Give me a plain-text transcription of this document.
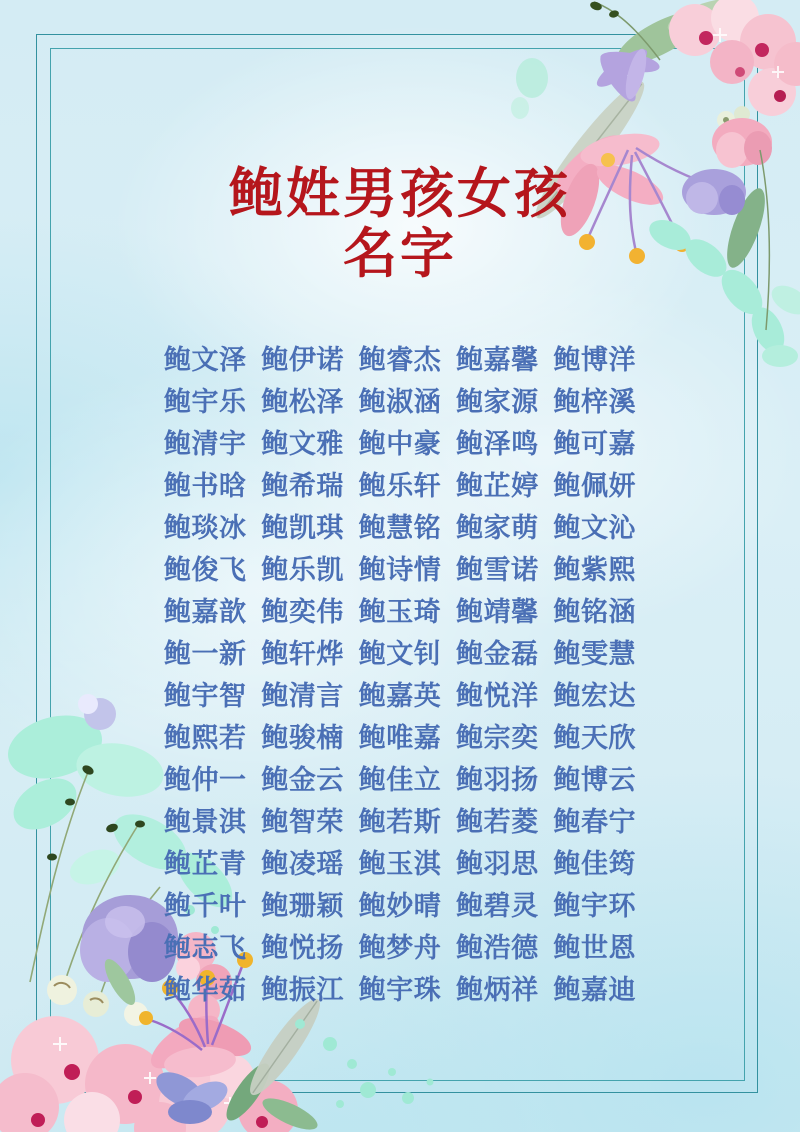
鲍姓男孩女孩
名字
鲍文泽 鲍伊诺 鲍睿杰 鲍嘉馨 鲍博洋
鲍宇乐 鲍松泽 鲍淑涵 鲍家源 鲍梓溪
鲍清宇 鲍文雅 鲍中豪 鲍泽鸣 鲍可嘉
鲍书晗 鲍希瑞 鲍乐轩 鲍芷婷 鲍佩妍
鲍琰冰 鲍凯琪 鲍慧铭 鲍家萌 鲍文沁
鲍俊飞 鲍乐凯 鲍诗情 鲍雪诺 鲍紫熙
鲍嘉歆 鲍奕伟 鲍玉琦 鲍靖馨 鲍铭涵
鲍一新 鲍轩烨 鲍文钊 鲍金磊 鲍雯慧
鲍宇智 鲍清言 鲍嘉英 鲍悦洋 鲍宏达
鲍熙若 鲍骏楠 鲍唯嘉 鲍宗奕 鲍天欣
鲍仲一 鲍金云 鲍佳立 鲍羽扬 鲍博云
鲍景淇 鲍智荣 鲍若斯 鲍若菱 鲍春宁
鲍芷青 鲍凌瑶 鲍玉淇 鲍羽思 鲍佳筠
鲍千叶 鲍珊颖 鲍妙晴 鲍碧灵 鲍宇环
鲍志飞 鲍悦扬 鲍梦舟 鲍浩德 鲍世恩
鲍华茹 鲍振江 鲍宇珠 鲍炳祥 鲍嘉迪
